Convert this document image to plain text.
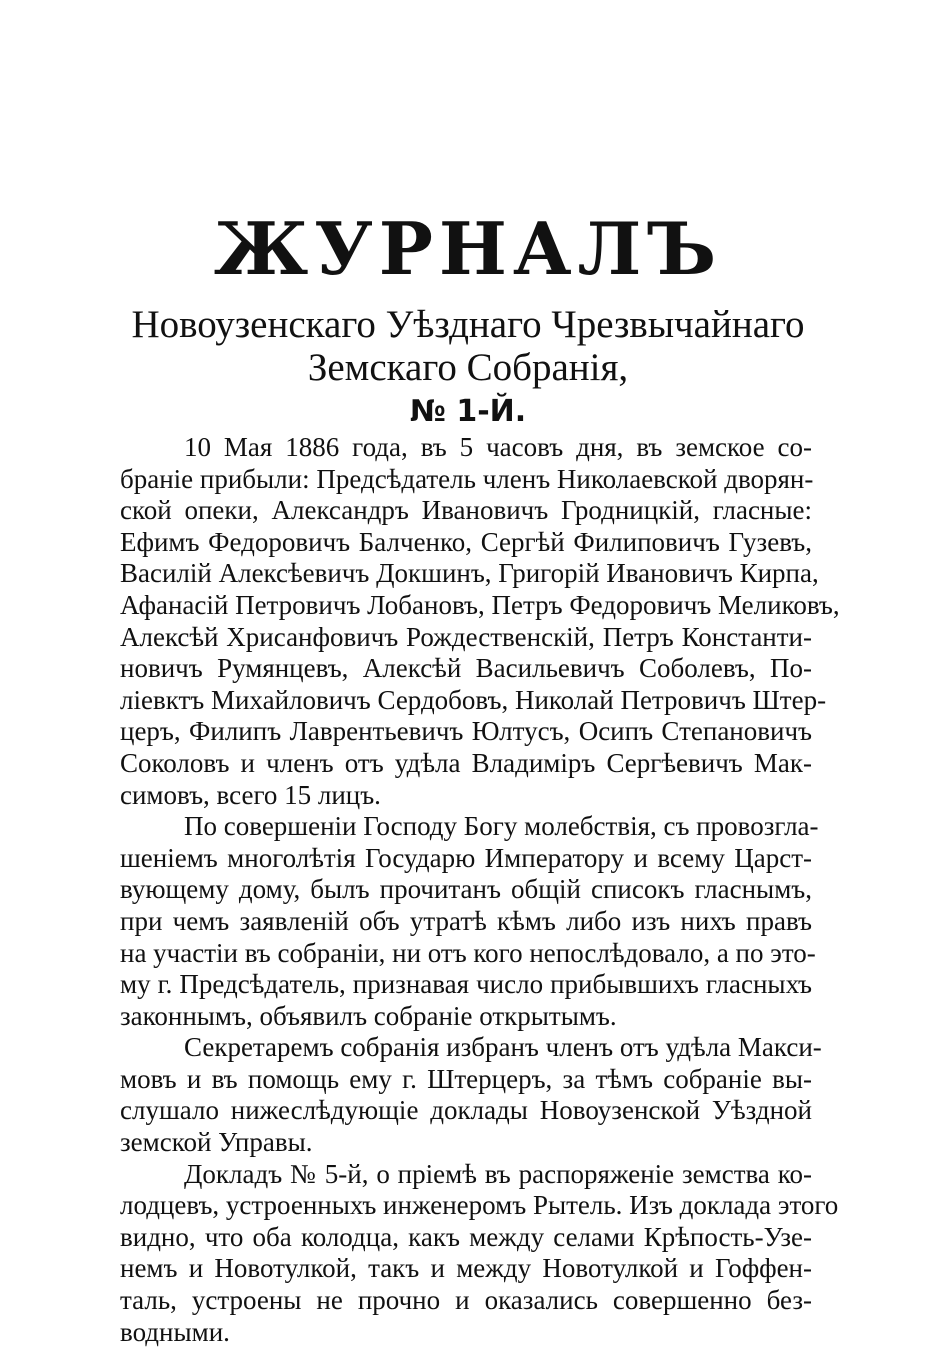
ЖУРНАЛЪ
Новоузенскаго Уѣзднаго Чрезвычайнаго
Земскаго Собранія,
№ 1-Й.
10 Мая 1886 года, въ 5 часовъ дня, въ земское со-
браніе прибыли: Предсѣдатель членъ Николаевской дворян-
ской опеки, Александръ Ивановичъ Гродницкій, гласные:
Ефимъ Федоровичъ Балченко, Сергѣй Филиповичъ Гузевъ,
Василій Алексѣевичъ Докшинъ, Григорій Ивановичъ Кирпа,
Афанасій Петровичъ Лобановъ, Петръ Федоровичъ Меликовъ,
Алексѣй Хрисанфовичъ Рождественскій, Петръ Константи-
новичъ Румянцевъ, Алексѣй Васильевичъ Соболевъ, По-
ліевктъ Михайловичъ Сердобовъ, Николай Петровичъ Штер-
церъ, Филипъ Лаврентьевичъ Юлтусъ, Осипъ Степановичъ
Соколовъ и членъ отъ удѣла Владиміръ Сергѣевичъ Мак-
симовъ, всего 15 лицъ.
По совершеніи Господу Богу молебствія, съ провозгла-
шеніемъ многолѣтія Государю Императору и всему Царст-
вующему дому, былъ прочитанъ общій списокъ гласнымъ,
при чемъ заявленій объ утратѣ кѣмъ либо изъ нихъ правъ
на участіи въ собраніи, ни отъ кого непослѣдовало, а по это-
му г. Предсѣдатель, признавая число прибывшихъ гласныхъ
законнымъ, объявилъ собраніе открытымъ.
Секретаремъ собранія избранъ членъ отъ удѣла Макси-
мовъ и въ помощь ему г. Штерцеръ, за тѣмъ собраніе вы-
слушало нижеслѣдующіе доклады Новоузенской Уѣздной
земской Управы.
Докладъ № 5-й, о пріемѣ въ распоряженіе земства ко-
лодцевъ, устроенныхъ инженеромъ Рытель. Изъ доклада этого
видно, что оба колодца, какъ между селами Крѣпость-Узе-
немъ и Новотулкой, такъ и между Новотулкой и Гоффен-
таль, устроены не прочно и оказались совершенно без-
водными.
